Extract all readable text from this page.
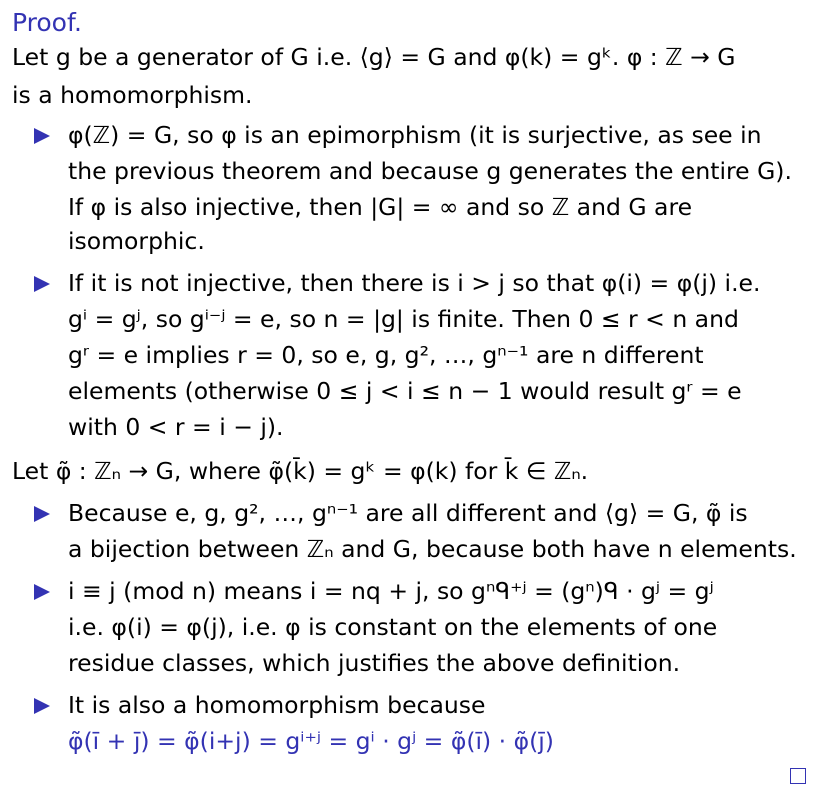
Proof.
Let g be a generator of G i.e. ⟨g⟩ = G and φ(k) = gᵏ. φ : ℤ → G
is a homomorphism.
φ(ℤ) = G, so φ is an epimorphism (it is surjective, as see in
the previous theorem and because g generates the entire G).
If φ is also injective, then |G| = ∞ and so ℤ and G are
isomorphic.
If it is not injective, then there is i > j so that φ(i) = φ(j) i.e.
gⁱ = gʲ, so gⁱ⁻ʲ = e, so n = |g| is finite. Then 0 ≤ r < n and
gʳ = e implies r = 0, so e, g, g², …, gⁿ⁻¹ are n different
elements (otherwise 0 ≤ j < i ≤ n − 1 would result gʳ = e
with 0 < r = i − j).
Let φ̃ : ℤₙ → G, where φ̃(k̄) = gᵏ = φ(k) for k̄ ∈ ℤₙ.
Because e, g, g², …, gⁿ⁻¹ are all different and ⟨g⟩ = G, φ̃ is
a bijection between ℤₙ and G, because both have n elements.
i ≡ j (mod n) means i = nq + j, so gⁿᑫ⁺ʲ = (gⁿ)ᑫ · gʲ = gʲ
i.e. φ(i) = φ(j), i.e. φ is constant on the elements of one
residue classes, which justifies the above definition.
It is also a homomorphism because
φ̃(ī + j̄) = φ̃(i+j) = gⁱ⁺ʲ = gⁱ · gʲ = φ̃(ī) · φ̃(j̄)
